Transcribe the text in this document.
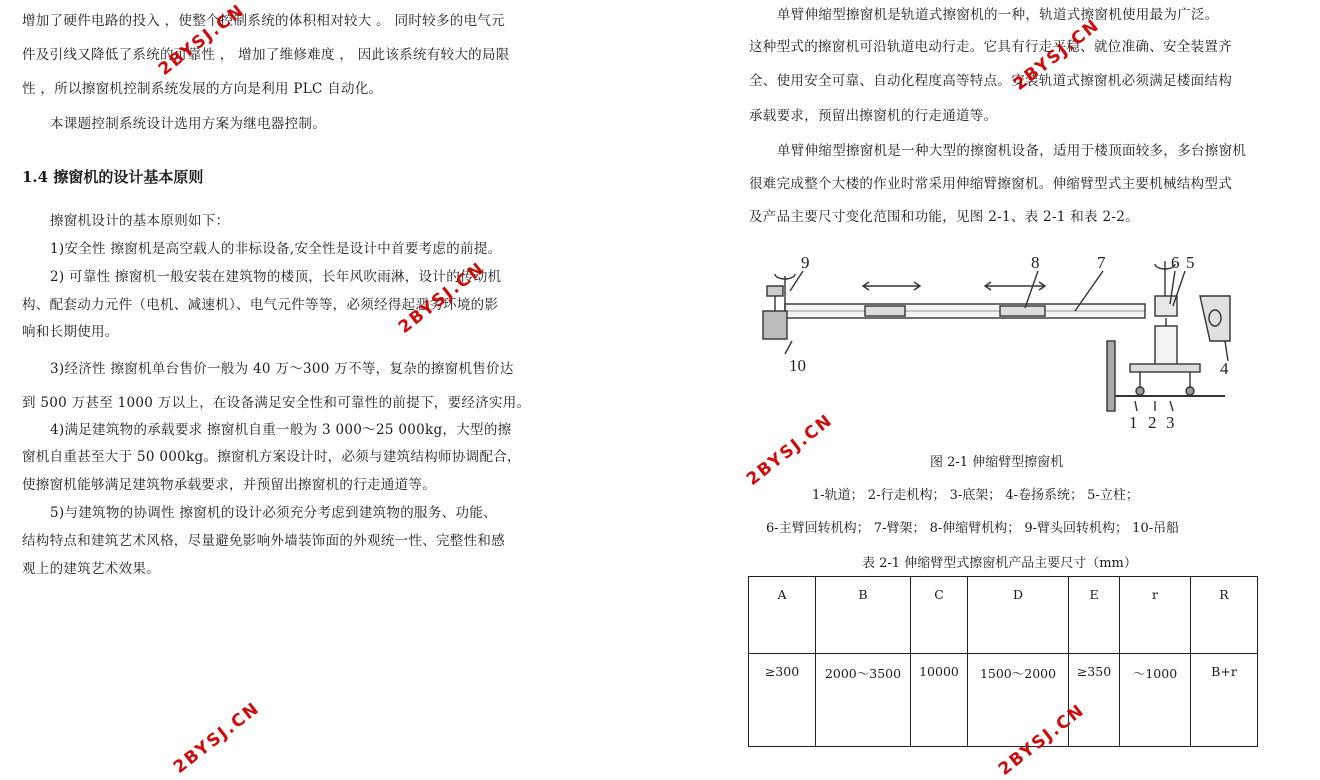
增加了硬件电路的投入 ，使整个控制系统的体积相对较大 。 同时较多的电气元
件及引线又降低了系统的可靠性 ， 增加了维修难度 ， 因此该系统有较大的局限
性 ，所以擦窗机控制系统发展的方向是利用 PLC 自动化。
本课题控制系统设计选用方案为继电器控制。
1.4 擦窗机的设计基本原则
擦窗机设计的基本原则如下：
1)安全性 擦窗机是高空载人的非标设备,安全性是设计中首要考虑的前提。
2) 可靠性 擦窗机一般安装在建筑物的楼顶，长年风吹雨淋，设计的传动机
构、配套动力元件（电机、减速机）、电气元件等等，必须经得起恶劣环境的影
响和长期使用。
3)经济性 擦窗机单台售价一般为 40 万～300 万不等，复杂的擦窗机售价达
到 500 万甚至 1000 万以上，在设备满足安全性和可靠性的前提下，要经济实用。
4)满足建筑物的承载要求 擦窗机自重一般为 3 000～25 000kg，大型的擦
窗机自重甚至大于 50 000kg。擦窗机方案设计时，必须与建筑结构师协调配合，
使擦窗机能够满足建筑物承载要求，并预留出擦窗机的行走通道等。
5)与建筑物的协调性 擦窗机的设计必须充分考虑到建筑物的服务、功能、
结构特点和建筑艺术风格，尽量避免影响外墙装饰面的外观统一性、完整性和感
观上的建筑艺术效果。
单臂伸缩型擦窗机是轨道式擦窗机的一种，轨道式擦窗机使用最为广泛。
这种型式的擦窗机可沿轨道电动行走。它具有行走平稳、就位准确、安全装置齐
全、使用安全可靠、自动化程度高等特点。安装轨道式擦窗机必须满足楼面结构
承载要求，预留出擦窗机的行走通道等。
单臂伸缩型擦窗机是一种大型的擦窗机设备，适用于楼顶面较多，多台擦窗机
很难完成整个大楼的作业时常采用伸缩臂擦窗机。伸缩臂型式主要机械结构型式
及产品主要尺寸变化范围和功能，见图 2-1、表 2-1 和表 2-2。
9	8	7	6 5
10	4
1 2 3
图 2-1 伸缩臂型擦窗机
1-轨道； 2-行走机构； 3-底架； 4-卷扬系统； 5-立柱；
6-主臂回转机构； 7-臂架； 8-伸缩臂机构； 9-臂头回转机构； 10-吊船
表 2-1 伸缩臂型式擦窗机产品主要尺寸（mm）
A	B	C	D	E	r	R
≥300	2000～3500	10000	1500～2000	≥350	～1000	B+r
2BYSJ.CN
2BYSJ.CN
2BYSJ.CN
2BYSJ.CN
2BYSJ.CN
2BYSJ.CN
